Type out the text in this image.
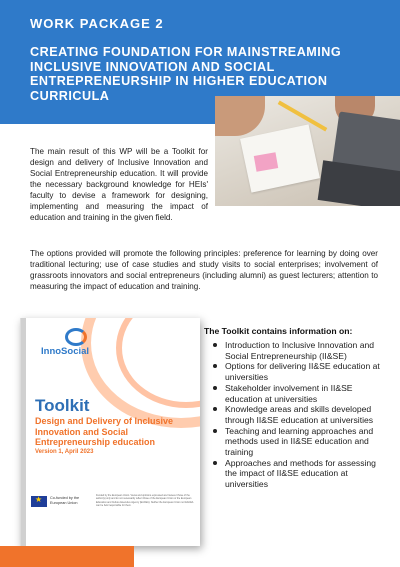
WORK PACKAGE 2
CREATING FOUNDATION FOR MAINSTREAMING INCLUSIVE INNOVATION AND SOCIAL ENTREPRENEURSHIP IN HIGHER EDUCATION CURRICULA

The main result of this WP will be a Toolkit for design and delivery of Inclusive Innovation and Social Entrepreneurship education. It will provide the necessary background knowledge for HEIs' faculty to devise a framework for designing, implementing and measuring the impact of education and training in the given field.

The options provided will promote the following principles: preference for learning by doing over traditional lecturing; use of case studies and study visits to social enterprises; involvement of grassroots innovators and social entrepreneurs (including alumni) as guest lecturers; attention to measuring the impact of education and training.

InnoSocial
Toolkit
Design and Delivery of Inclusive Innovation and Social Entrepreneurship education
Version 1, April 2023
★
Co-funded by the European Union
Funded by the European Union. Views and opinions expressed are however those of the author(s) only and do not necessarily reflect those of the European Union or the European Education and Culture Executive Agency (EACEA). Neither the European Union nor EACEA can be held responsible for them.
The Toolkit contains information on:
Introduction to Inclusive Innovation and Social Entrepreneurship (II&SE)
Options for delivering II&SE education at universities
Stakeholder involvement in II&SE education at universities
Knowledge areas and skills developed through II&SE education at universities
Teaching and learning approaches and methods used in II&SE education and training
Approaches and methods for assessing the impact of II&SE education at universities
